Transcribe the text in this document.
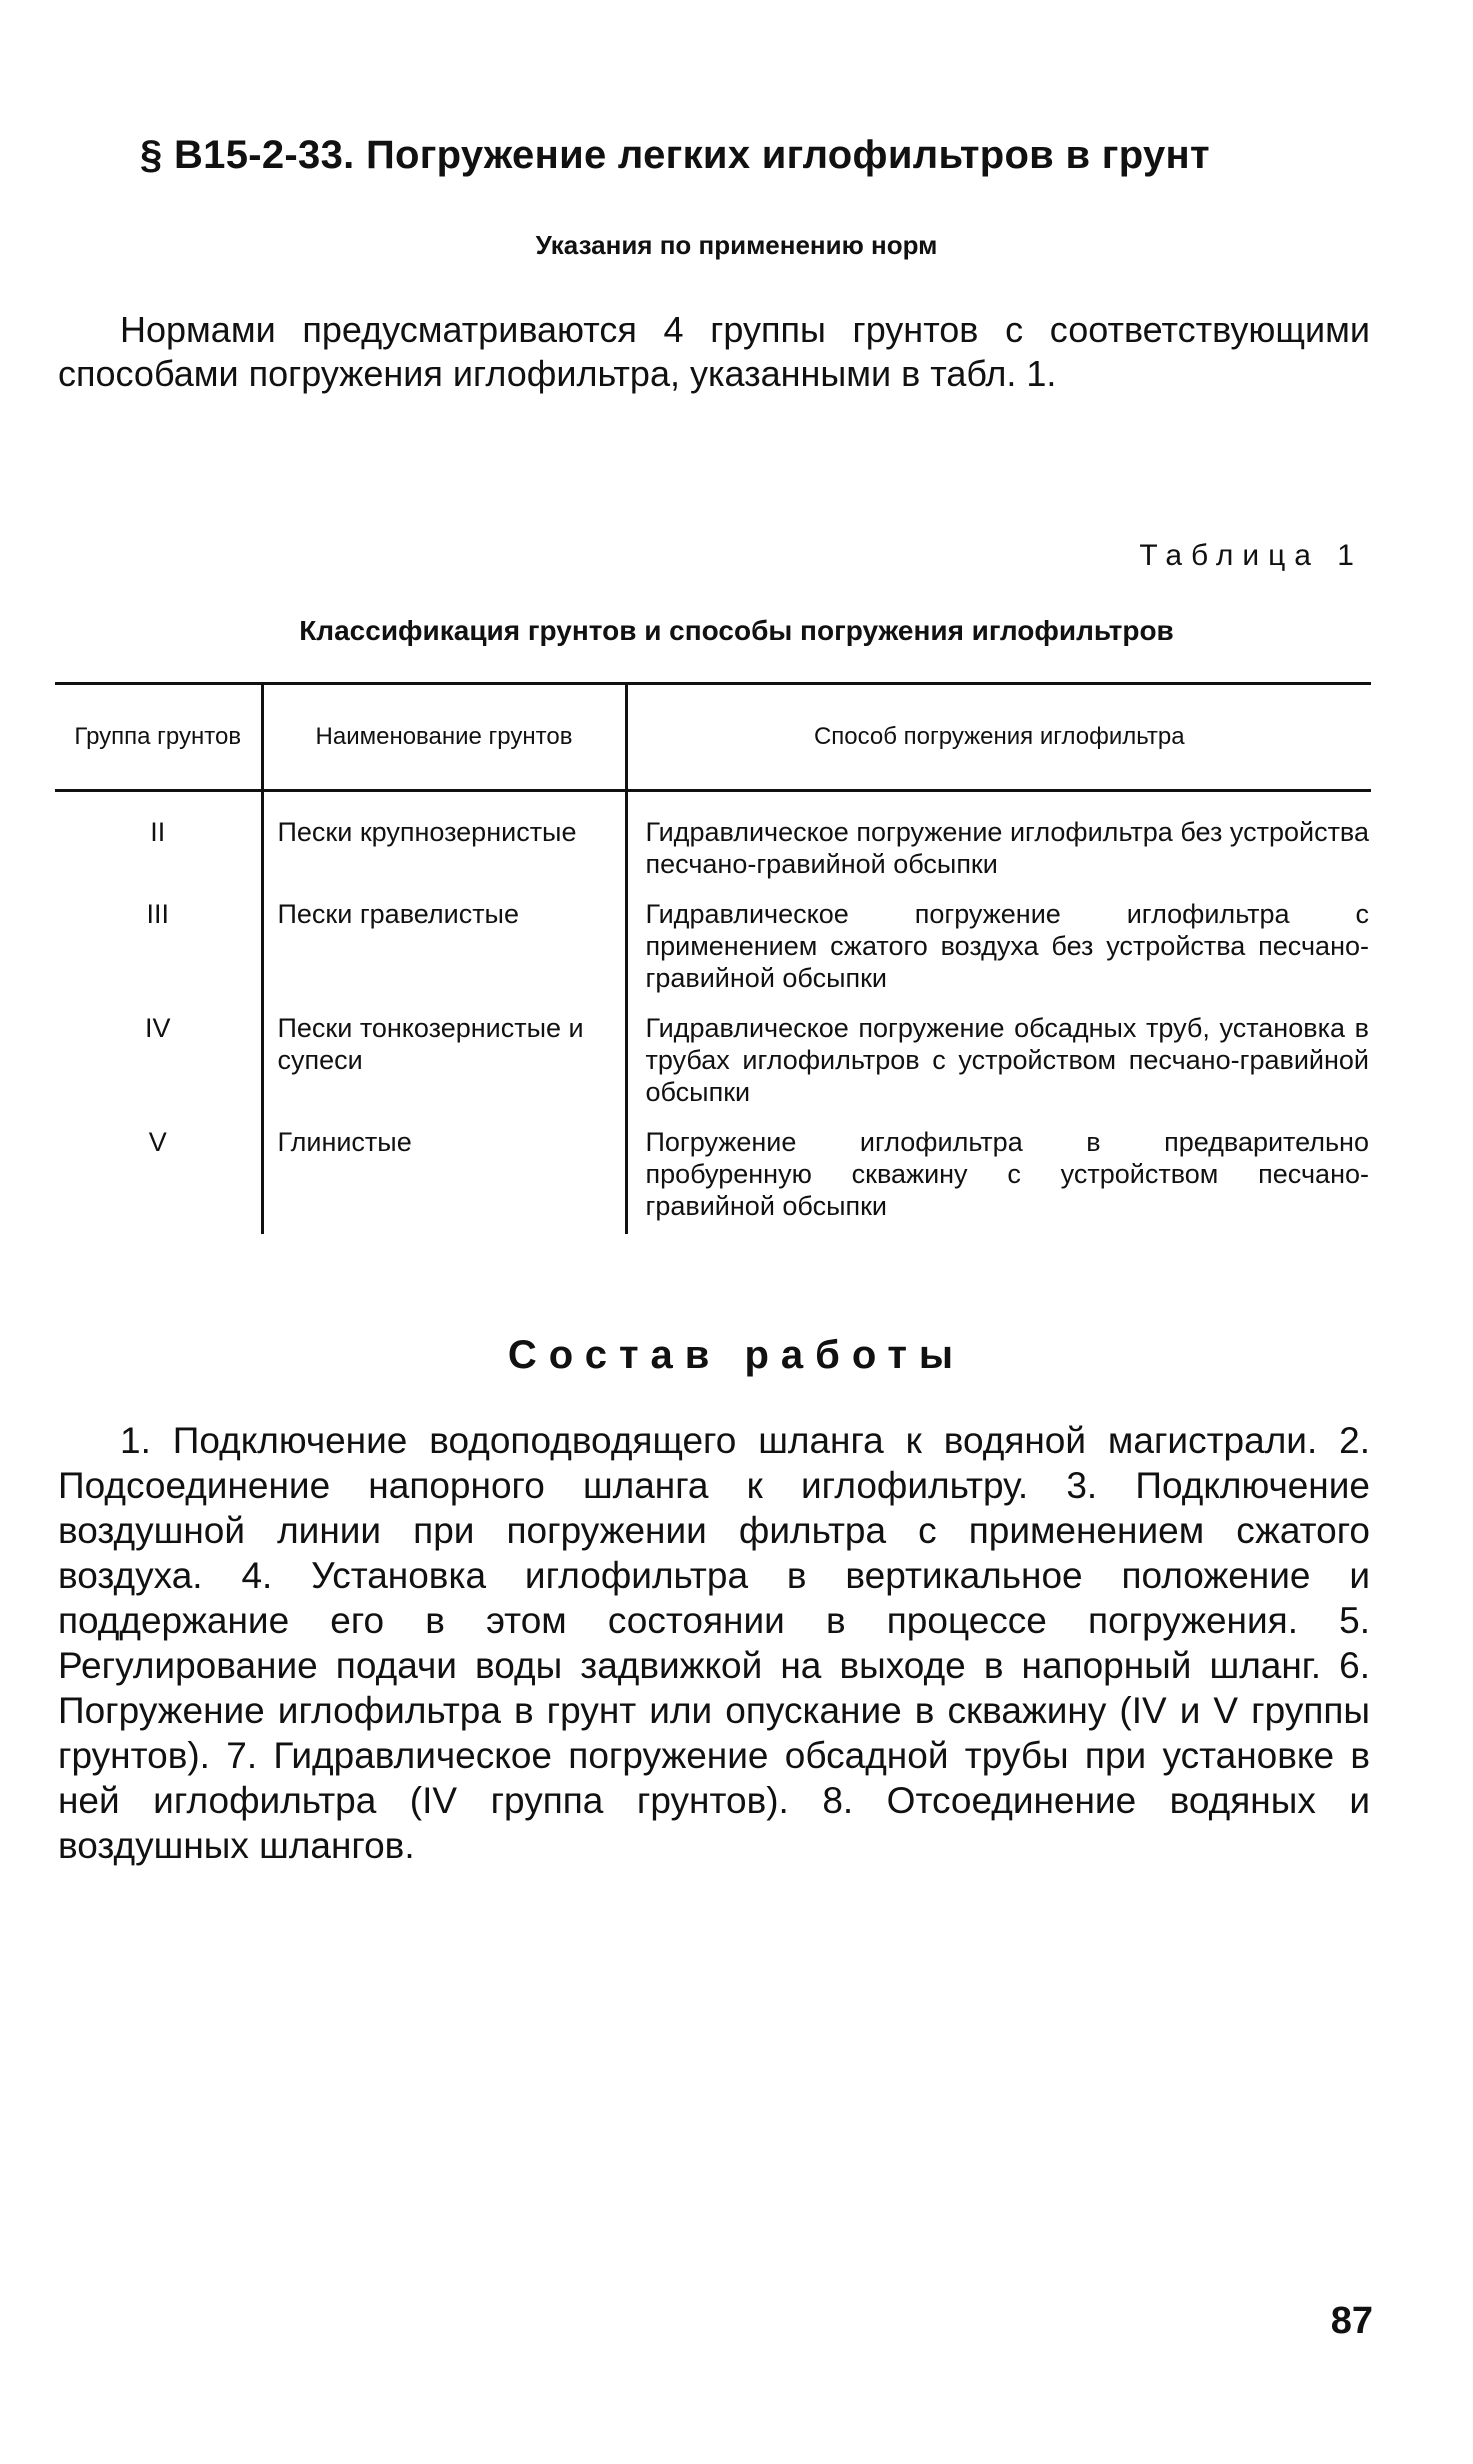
§ В15-2-33. Погружение легких иглофильтров в грунт
Указания по применению норм

Нормами предусматриваются 4 группы грунтов с соответствующими способами погружения иглофильтра, указанными в табл. 1.

Таблица 1
Классификация грунтов и способы погружения иглофильтров
Группа грунтов	Наименование грунтов	Способ погружения иглофильтра
II	Пески крупнозернистые	Гидравлическое погружение иглофильтра без устройства песчано-гравийной обсыпки
III	Пески гравелистые	Гидравлическое погружение иглофильтра с применением сжатого воздуха без устройства песчано-гравийной обсыпки
IV	Пески тонкозернистые и супеси	Гидравлическое погружение обсадных труб, установка в трубах иглофильтров с устройством песчано-гравийной обсыпки
V	Глинистые	Погружение иглофильтра в предварительно пробуренную скважину с устройством песчано-гравийной обсыпки
Состав работы

1. Подключение водоподводящего шланга к водяной магистрали. 2. Подсоединение напорного шланга к иглофильтру. 3. Подключение воздушной линии при погружении фильтра с применением сжатого воздуха. 4. Установка иглофильтра в вертикальное положение и поддержание его в этом состоянии в процессе погружения. 5. Регулирование подачи воды задвижкой на выходе в напорный шланг. 6. Погружение иглофильтра в грунт или опускание в скважину (IV и V группы грунтов). 7. Гидравлическое погружение обсадной трубы при установке в ней иглофильтра (IV группа грунтов). 8. Отсоединение водяных и воздушных шлангов.

87
